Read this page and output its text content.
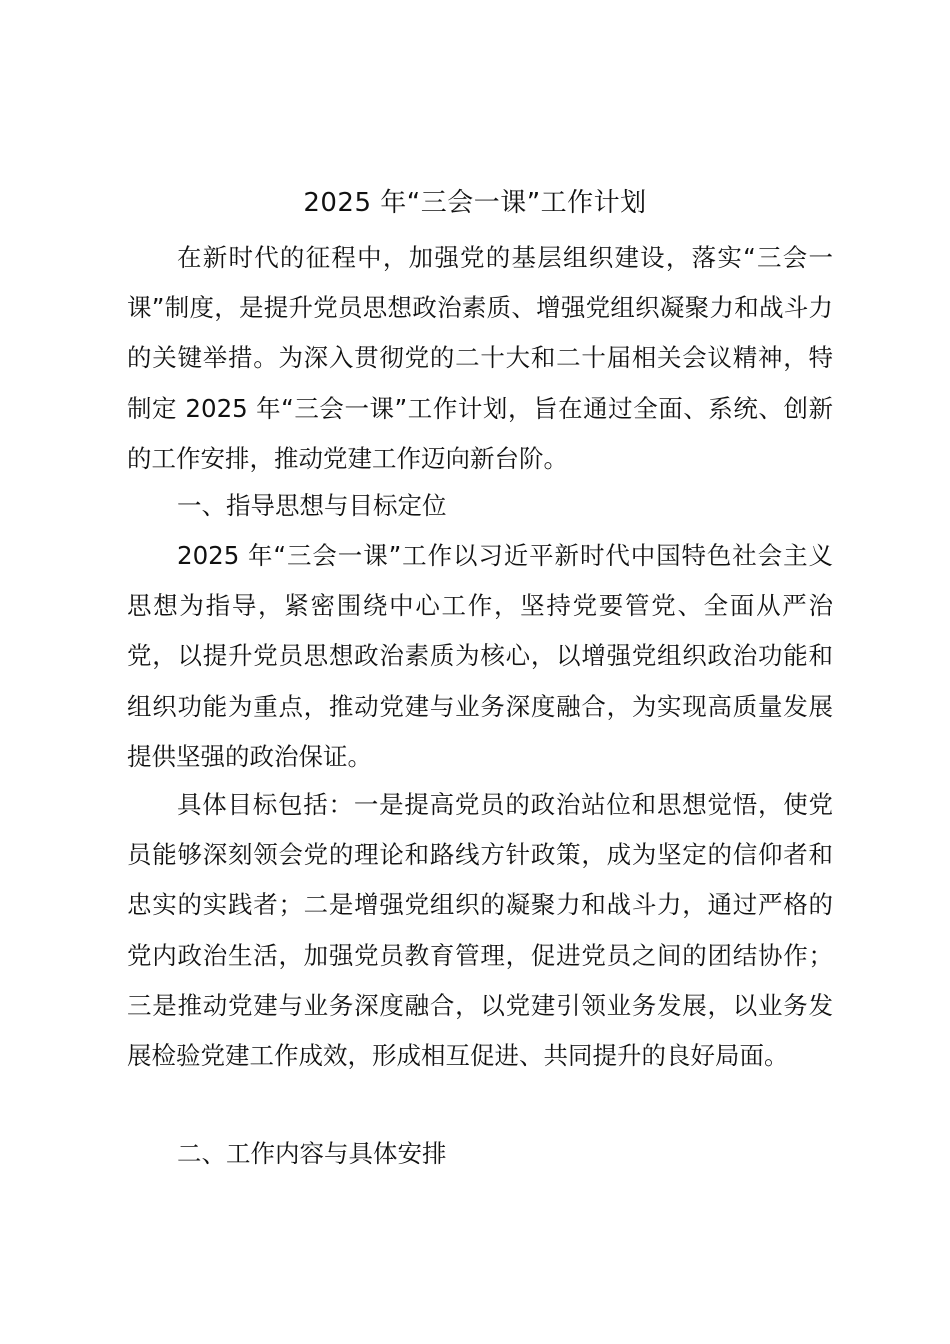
2025 年“三会一课”工作计划

在新时代的征程中，加强党的基层组织建设，落实“三会一课”制度，是提升党员思想政治素质、增强党组织凝聚力和战斗力的关键举措。为深入贯彻党的二十大和二十届相关会议精神，特制定 2025 年“三会一课”工作计划，旨在通过全面、系统、创新的工作安排，推动党建工作迈向新台阶。

一、指导思想与目标定位

2025 年“三会一课”工作以习近平新时代中国特色社会主义思想为指导，紧密围绕中心工作，坚持党要管党、全面从严治党，以提升党员思想政治素质为核心，以增强党组织政治功能和组织功能为重点，推动党建与业务深度融合，为实现高质量发展提供坚强的政治保证。

具体目标包括：一是提高党员的政治站位和思想觉悟，使党员能够深刻领会党的理论和路线方针政策，成为坚定的信仰者和忠实的实践者；二是增强党组织的凝聚力和战斗力，通过严格的党内政治生活，加强党员教育管理，促进党员之间的团结协作；三是推动党建与业务深度融合，以党建引领业务发展，以业务发展检验党建工作成效，形成相互促进、共同提升的良好局面。

二、工作内容与具体安排
